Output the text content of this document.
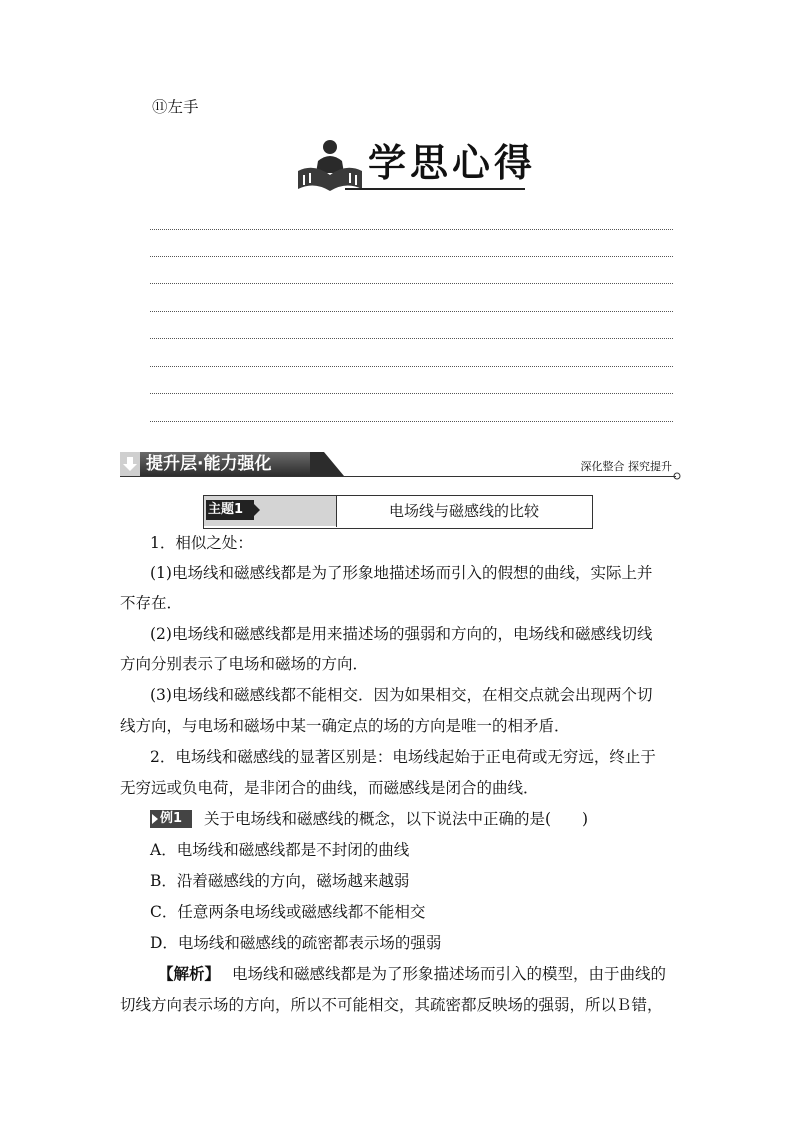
⑪左手
学思心得
提升层·能力强化	深化整合 探究提升
主题1	电场线与磁感线的比较
1．相似之处：
(1)电场线和磁感线都是为了形象地描述场而引入的假想的曲线，实际上并
不存在．
(2)电场线和磁感线都是用来描述场的强弱和方向的，电场线和磁感线切线
方向分别表示了电场和磁场的方向．
(3)电场线和磁感线都不能相交．因为如果相交，在相交点就会出现两个切
线方向，与电场和磁场中某一确定点的场的方向是唯一的相矛盾．
2．电场线和磁感线的显著区别是：电场线起始于正电荷或无穷远，终止于
无穷远或负电荷，是非闭合的曲线，而磁感线是闭合的曲线．
例1 关于电场线和磁感线的概念，以下说法中正确的是(　　)
A．电场线和磁感线都是不封闭的曲线
B．沿着磁感线的方向，磁场越来越弱
C．任意两条电场线或磁感线都不能相交
D．电场线和磁感线的疏密都表示场的强弱
【解析】 电场线和磁感线都是为了形象描述场而引入的模型，由于曲线的
切线方向表示场的方向，所以不可能相交，其疏密都反映场的强弱，所以Ｂ错，
